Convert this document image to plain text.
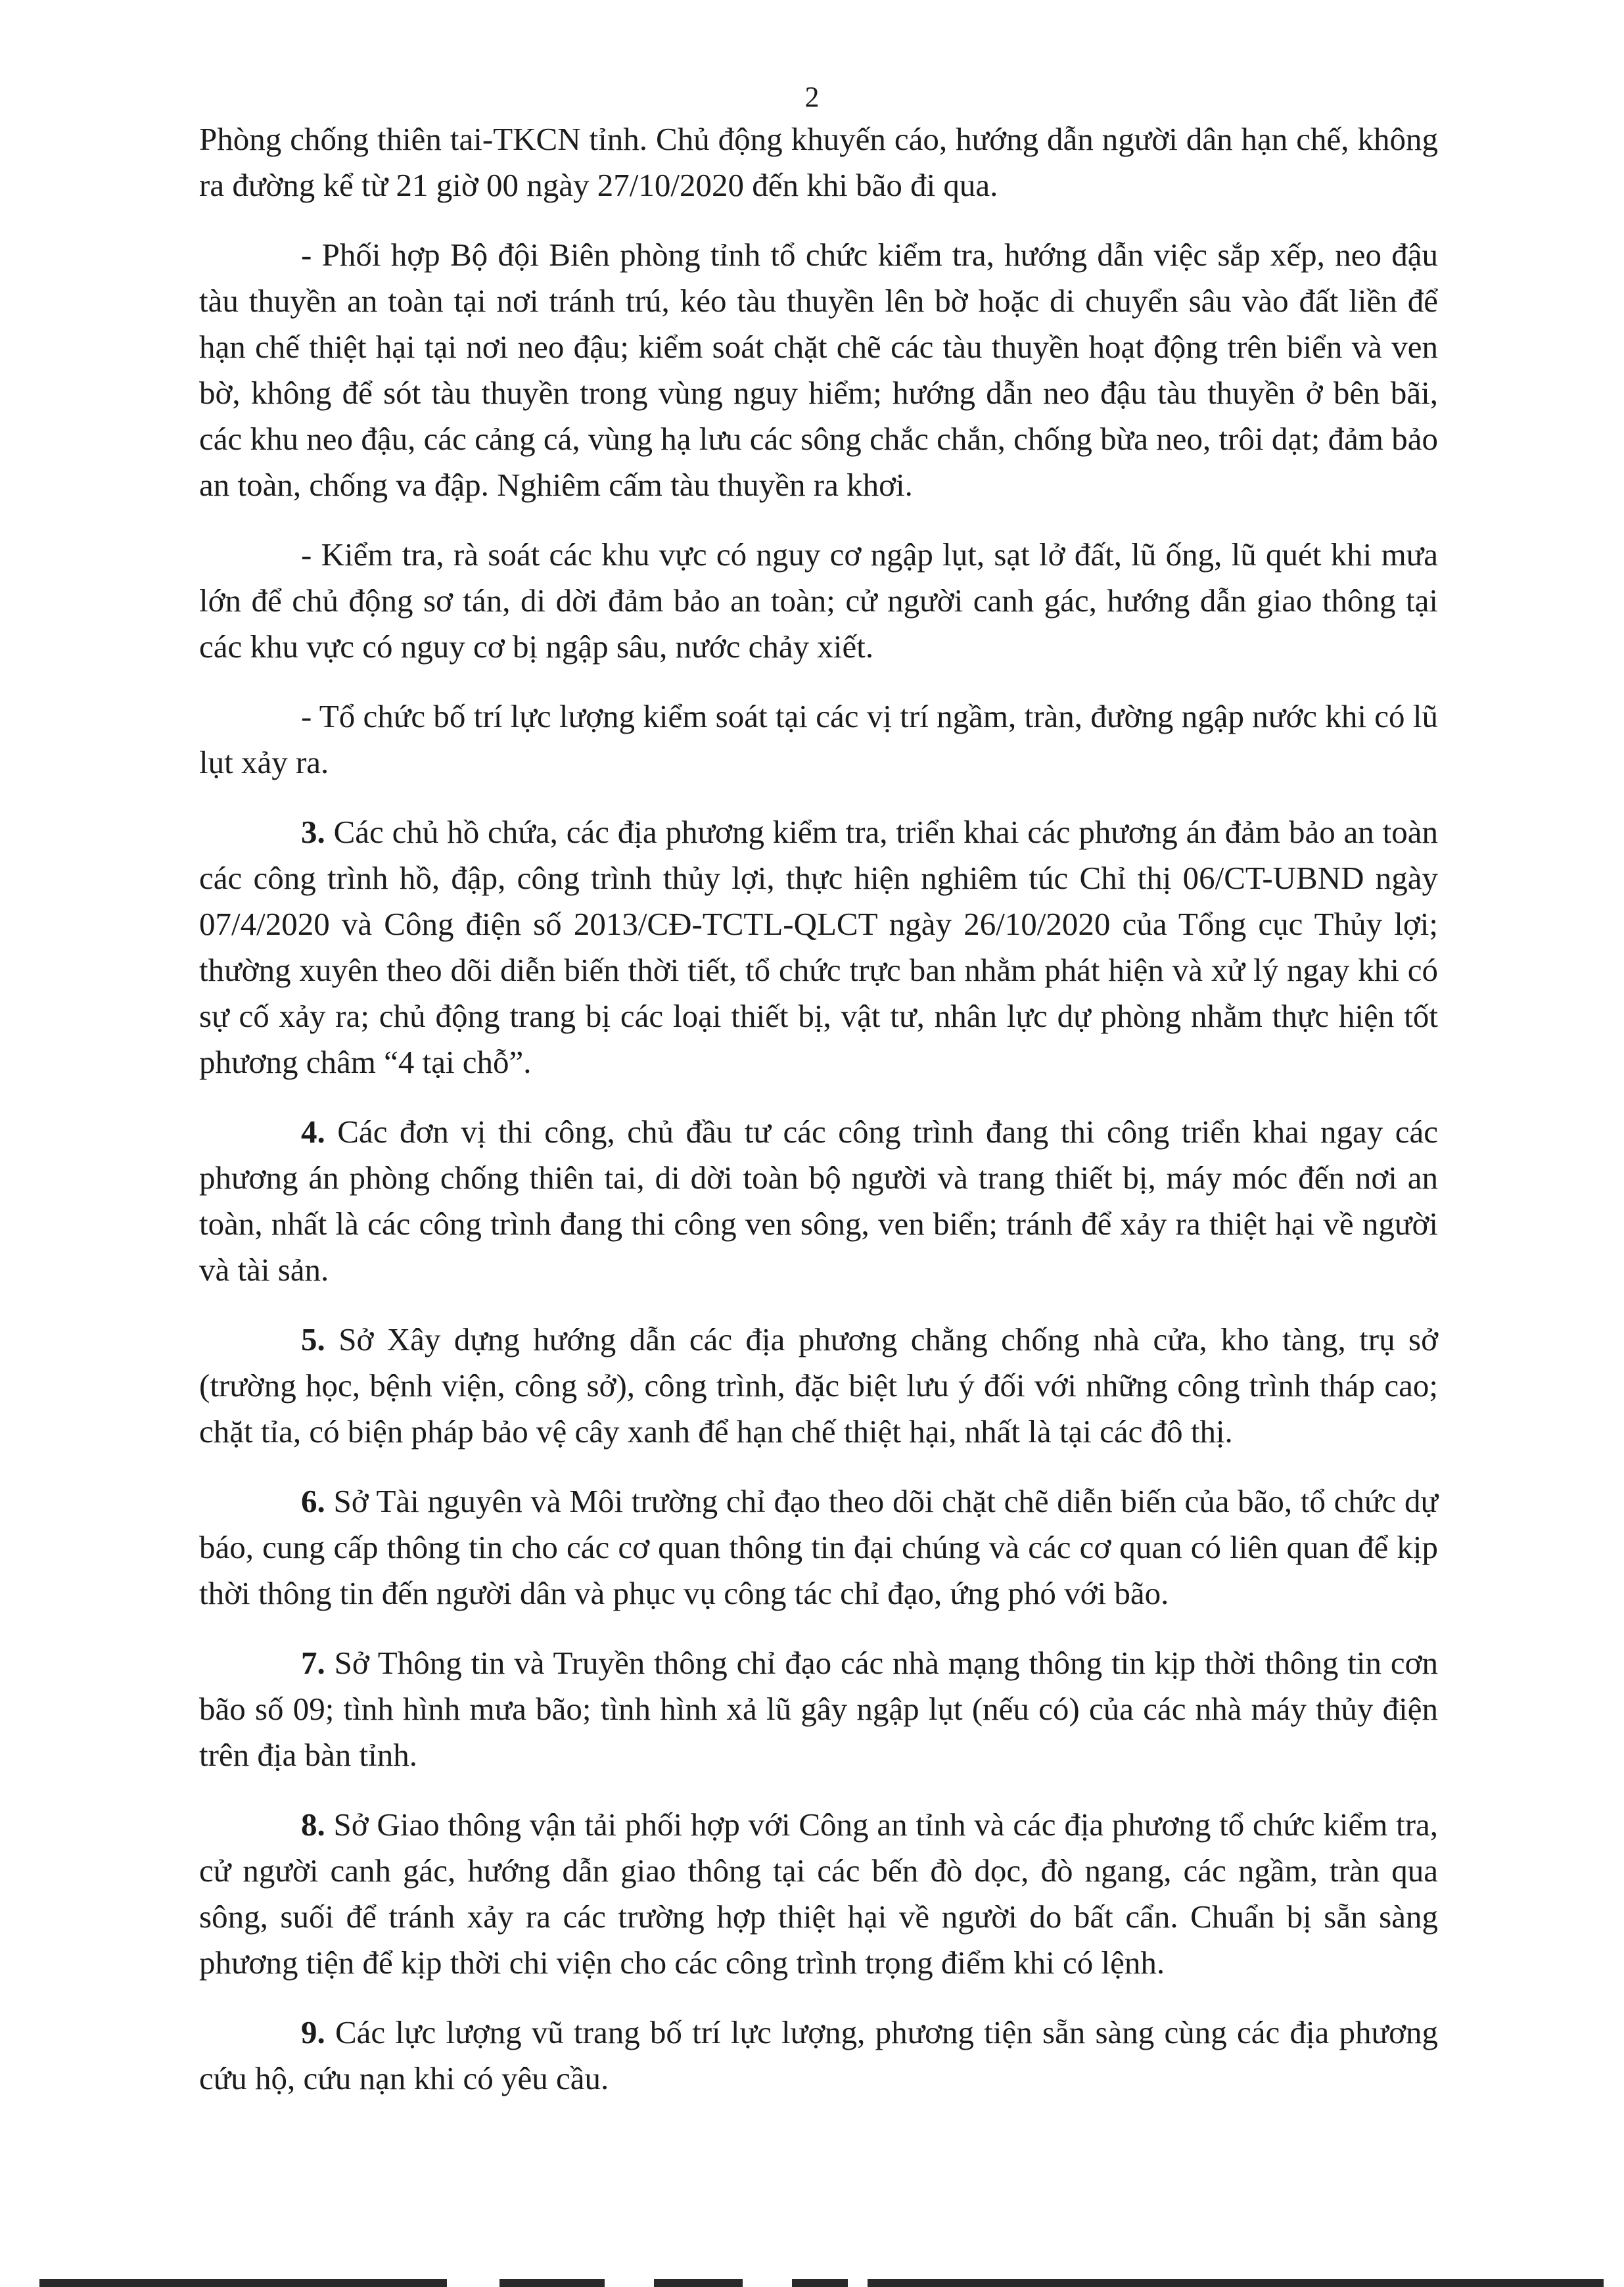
2

Phòng chống thiên tai-TKCN tỉnh. Chủ động khuyến cáo, hướng dẫn người dân hạn chế, không ra đường kể từ 21 giờ 00 ngày 27/10/2020 đến khi bão đi qua.

- Phối hợp Bộ đội Biên phòng tỉnh tổ chức kiểm tra, hướng dẫn việc sắp xếp, neo đậu tàu thuyền an toàn tại nơi tránh trú, kéo tàu thuyền lên bờ hoặc di chuyển sâu vào đất liền để hạn chế thiệt hại tại nơi neo đậu; kiểm soát chặt chẽ các tàu thuyền hoạt động trên biển và ven bờ, không để sót tàu thuyền trong vùng nguy hiểm; hướng dẫn neo đậu tàu thuyền ở bên bãi, các khu neo đậu, các cảng cá, vùng hạ lưu các sông chắc chắn, chống bừa neo, trôi dạt; đảm bảo an toàn, chống va đập. Nghiêm cấm tàu thuyền ra khơi.

- Kiểm tra, rà soát các khu vực có nguy cơ ngập lụt, sạt lở đất, lũ ống, lũ quét khi mưa lớn để chủ động sơ tán, di dời đảm bảo an toàn; cử người canh gác, hướng dẫn giao thông tại các khu vực có nguy cơ bị ngập sâu, nước chảy xiết.

- Tổ chức bố trí lực lượng kiểm soát tại các vị trí ngầm, tràn, đường ngập nước khi có lũ lụt xảy ra.

3. Các chủ hồ chứa, các địa phương kiểm tra, triển khai các phương án đảm bảo an toàn các công trình hồ, đập, công trình thủy lợi, thực hiện nghiêm túc Chỉ thị 06/CT-UBND ngày 07/4/2020 và Công điện số 2013/CĐ-TCTL-QLCT ngày 26/10/2020 của Tổng cục Thủy lợi; thường xuyên theo dõi diễn biến thời tiết, tổ chức trực ban nhằm phát hiện và xử lý ngay khi có sự cố xảy ra; chủ động trang bị các loại thiết bị, vật tư, nhân lực dự phòng nhằm thực hiện tốt phương châm “4 tại chỗ”.

4. Các đơn vị thi công, chủ đầu tư các công trình đang thi công triển khai ngay các phương án phòng chống thiên tai, di dời toàn bộ người và trang thiết bị, máy móc đến nơi an toàn, nhất là các công trình đang thi công ven sông, ven biển; tránh để xảy ra thiệt hại về người và tài sản.

5. Sở Xây dựng hướng dẫn các địa phương chằng chống nhà cửa, kho tàng, trụ sở (trường học, bệnh viện, công sở), công trình, đặc biệt lưu ý đối với những công trình tháp cao; chặt tỉa, có biện pháp bảo vệ cây xanh để hạn chế thiệt hại, nhất là tại các đô thị.

6. Sở Tài nguyên và Môi trường chỉ đạo theo dõi chặt chẽ diễn biến của bão, tổ chức dự báo, cung cấp thông tin cho các cơ quan thông tin đại chúng và các cơ quan có liên quan để kịp thời thông tin đến người dân và phục vụ công tác chỉ đạo, ứng phó với bão.

7. Sở Thông tin và Truyền thông chỉ đạo các nhà mạng thông tin kịp thời thông tin cơn bão số 09; tình hình mưa bão; tình hình xả lũ gây ngập lụt (nếu có) của các nhà máy thủy điện trên địa bàn tỉnh.

8. Sở Giao thông vận tải phối hợp với Công an tỉnh và các địa phương tổ chức kiểm tra, cử người canh gác, hướng dẫn giao thông tại các bến đò dọc, đò ngang, các ngầm, tràn qua sông, suối để tránh xảy ra các trường hợp thiệt hại về người do bất cẩn. Chuẩn bị sẵn sàng phương tiện để kịp thời chi viện cho các công trình trọng điểm khi có lệnh.

9. Các lực lượng vũ trang bố trí lực lượng, phương tiện sẵn sàng cùng các địa phương cứu hộ, cứu nạn khi có yêu cầu.
